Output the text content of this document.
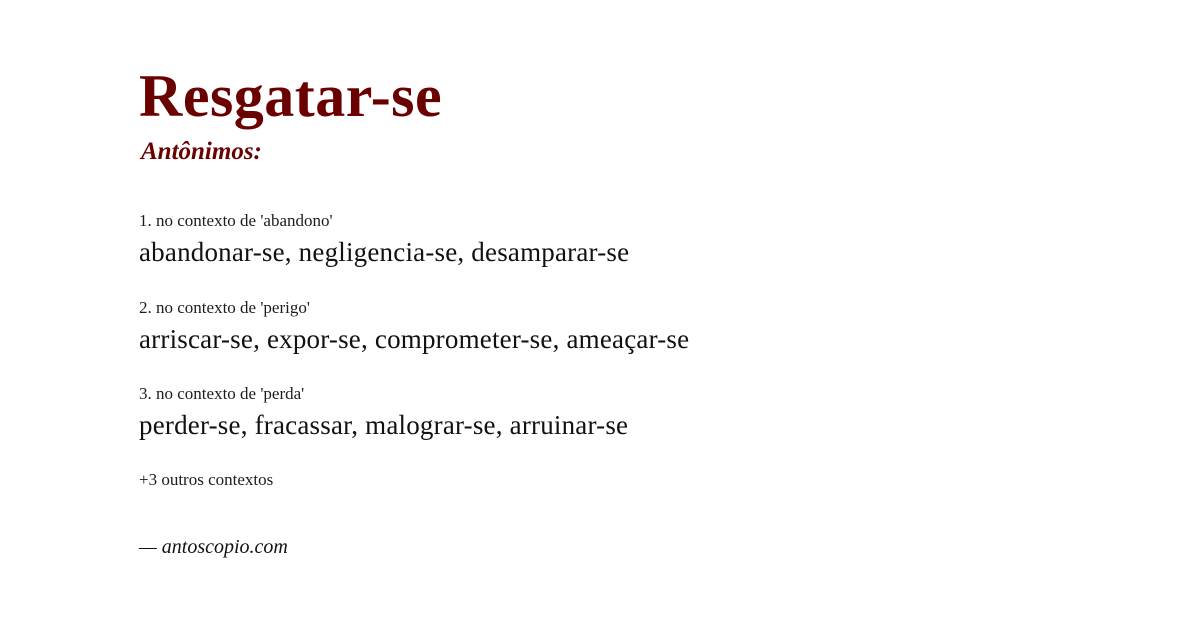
Resgatar-se
Antônimos:
1. no contexto de 'abandono'
abandonar-se, negligencia-se, desamparar-se
2. no contexto de 'perigo'
arriscar-se, expor-se, comprometer-se, ameaçar-se
3. no contexto de 'perda'
perder-se, fracassar, malograr-se, arruinar-se
+3 outros contextos
— antoscopio.com
